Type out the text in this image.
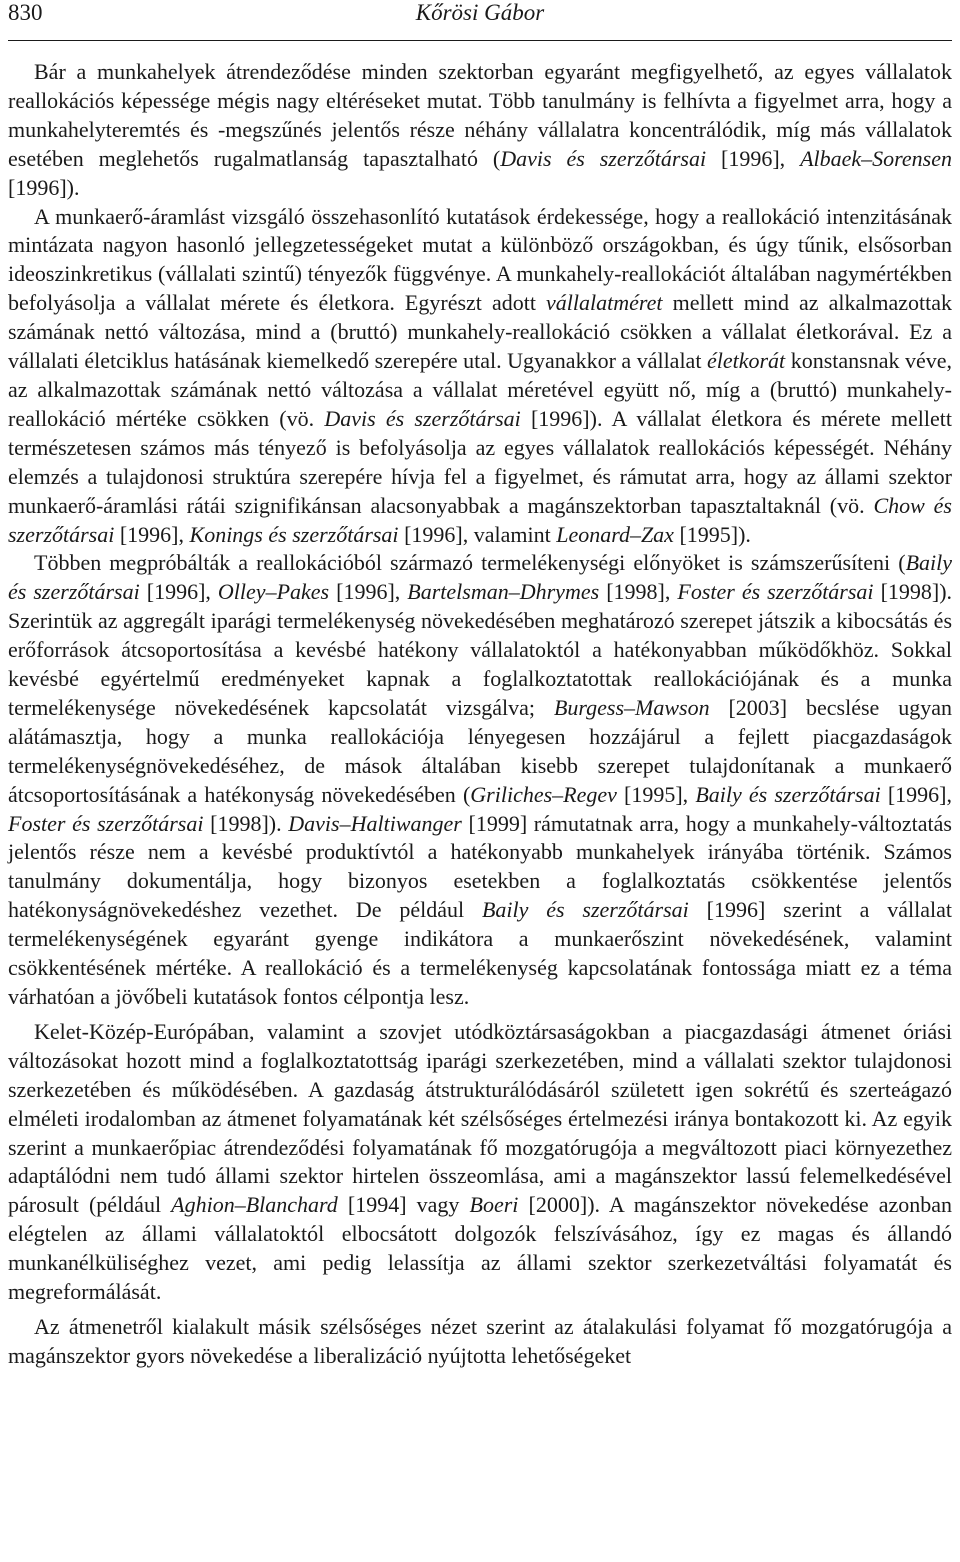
830	Kőrösi Gábor

Bár a munkahelyek átrendeződése minden szektorban egyaránt megfigyelhető, az egyes vállalatok reallokációs képessége mégis nagy eltéréseket mutat. Több tanulmány is felhívta a figyelmet arra, hogy a munkahelyteremtés és -megszűnés jelentős része néhány vállalatra koncentrálódik, míg más vállalatok esetében meglehetős rugalmatlanság tapasztalható (Davis és szerzőtársai [1996], Albaek–Sorensen [1996]).

A munkaerő-áramlást vizsgáló összehasonlító kutatások érdekessége, hogy a reallokáció intenzitásának mintázata nagyon hasonló jellegzetességeket mutat a különböző országokban, és úgy tűnik, elsősorban ideoszinkretikus (vállalati szintű) tényezők függvénye. A munkahely-reallokációt általában nagymértékben befolyásolja a vállalat mérete és életkora. Egyrészt adott vállalatméret mellett mind az alkalmazottak számának nettó változása, mind a (bruttó) munkahely-reallokáció csökken a vállalat életkorával. Ez a vállalati életciklus hatásának kiemelkedő szerepére utal. Ugyanakkor a vállalat életkorát konstansnak véve, az alkalmazottak számának nettó változása a vállalat méretével együtt nő, míg a (bruttó) munkahely-reallokáció mértéke csökken (vö. Davis és szerzőtársai [1996]). A vállalat életkora és mérete mellett természetesen számos más tényező is befolyásolja az egyes vállalatok reallokációs képességét. Néhány elemzés a tulajdonosi struktúra szerepére hívja fel a figyelmet, és rámutat arra, hogy az állami szektor munkaerő-áramlási rátái szignifikánsan alacsonyabbak a magánszektorban tapasztaltaknál (vö. Chow és szerzőtársai [1996], Konings és szerzőtársai [1996], valamint Leonard–Zax [1995]).

Többen megpróbálták a reallokációból származó termelékenységi előnyöket is számszerűsíteni (Baily és szerzőtársai [1996], Olley–Pakes [1996], Bartelsman–Dhrymes [1998], Foster és szerzőtársai [1998]). Szerintük az aggregált iparági termelékenység növekedésében meghatározó szerepet játszik a kibocsátás és erőforrások átcsoportosítása a kevésbé hatékony vállalatoktól a hatékonyabban működőkhöz. Sokkal kevésbé egyértelmű eredményeket kapnak a foglalkoztatottak reallokációjának és a munka termelékenysége növekedésének kapcsolatát vizsgálva; Burgess–Mawson [2003] becslése ugyan alátámasztja, hogy a munka reallokációja lényegesen hozzájárul a fejlett piacgazdaságok termelékenységnövekedéséhez, de mások általában kisebb szerepet tulajdonítanak a munkaerő átcsoportosításának a hatékonyság növekedésében (Griliches–Regev [1995], Baily és szerzőtársai [1996], Foster és szerzőtársai [1998]). Davis–Haltiwanger [1999] rámutatnak arra, hogy a munkahely-változtatás jelentős része nem a kevésbé produktívtól a hatékonyabb munkahelyek irányába történik. Számos tanulmány dokumentálja, hogy bizonyos esetekben a foglalkoztatás csökkentése jelentős hatékonyságnövekedéshez vezethet. De például Baily és szerzőtársai [1996] szerint a vállalat termelékenységének egyaránt gyenge indikátora a munkaerőszint növekedésének, valamint csökkentésének mértéke. A reallokáció és a termelékenység kapcsolatának fontossága miatt ez a téma várhatóan a jövőbeli kutatások fontos célpontja lesz.

Kelet-Közép-Európában, valamint a szovjet utódköztársaságokban a piacgazdasági átmenet óriási változásokat hozott mind a foglalkoztatottság iparági szerkezetében, mind a vállalati szektor tulajdonosi szerkezetében és működésében. A gazdaság átstrukturálódásáról született igen sokrétű és szerteágazó elméleti irodalomban az átmenet folyamatának két szélsőséges értelmezési iránya bontakozott ki. Az egyik szerint a munkaerőpiac átrendeződési folyamatának fő mozgatórugója a megváltozott piaci környezethez adaptálódni nem tudó állami szektor hirtelen összeomlása, ami a magánszektor lassú felemelkedésével párosult (például Aghion–Blanchard [1994] vagy Boeri [2000]). A magánszektor növekedése azonban elégtelen az állami vállalatoktól elbocsátott dolgozók felszívásához, így ez magas és állandó munkanélküliséghez vezet, ami pedig lelassítja az állami szektor szerkezetváltási folyamatát és megreformálását.

Az átmenetről kialakult másik szélsőséges nézet szerint az átalakulási folyamat fő mozgatórugója a magánszektor gyors növekedése a liberalizáció nyújtotta lehetőségeket
